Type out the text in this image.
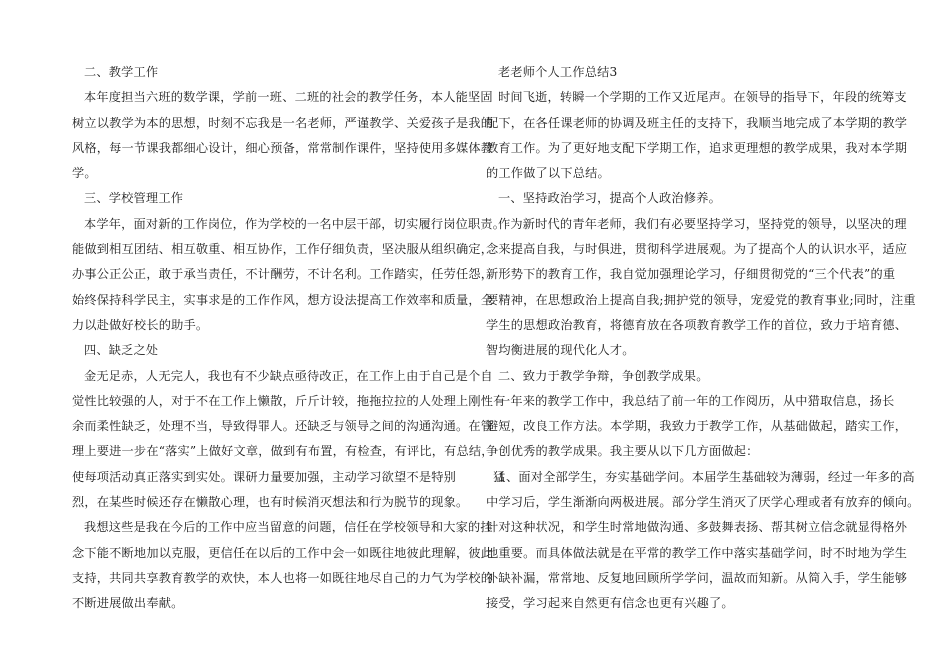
二、教学工作
本年度担当六班的数学课，学前一班、二班的社会的教学任务，本人能坚固
树立以教学为本的思想，时刻不忘我是一名老师，严谨教学、关爱孩子是我的
风格，每一节课我都细心设计，细心预备，常常制作课件，坚持使用多媒体教
学。
三、学校管理工作
本学年，面对新的工作岗位，作为学校的一名中层干部，切实履行岗位职责。
能做到相互团结、相互敬重、相互协作，工作仔细负责，坚决服从组织确定，
办事公正公正，敢于承当责任，不计酬劳，不计名利。工作踏实，任劳任怨，
始终保持科学民主，实事求是的工作作风，想方设法提高工作效率和质量，全
力以赴做好校长的助手。
四、缺乏之处
金无足赤，人无完人，我也有不少缺点亟待改正，在工作上由于自己是个自
觉性比较强的人，对于不在工作上懒散，斤斤计较，拖拖拉拉的人处理上刚性有
余而柔性缺乏，处理不当，导致得罪人。还缺乏与领导之间的沟通沟通。在管
理上要进一步在“落实”上做好文章，做到有布置，有检查，有评比，有总结，
使每项活动真正落实到实处。课研力量要加强，主动学习欲望不是特别　　　猛
烈，在某些时候还存在懒散心理，也有时候消灭想法和行为脱节的现象。
我想这些是我在今后的工作中应当留意的问题，信任在学校领导和大家的挂
念下能不断地加以克服，更信任在以后的工作中会一如既往地彼此理解，彼此
支持，共同共享教育教学的欢快，本人也将一如既往地尽自己的力气为学校的
不断进展做出奉献。
老老师个人工作总结3
时间飞逝，转瞬一个学期的工作又近尾声。在领导的指导下，年段的统筹支
配下，在各任课老师的协调及班主任的支持下，我顺当地完成了本学期的教学
教育工作。为了更好地支配下学期工作，追求更理想的教学成果，我对本学期
的工作做了以下总结。
一、坚持政治学习，提高个人政治修养。
作为新时代的青年老师，我们有必要坚持学习，坚持党的领导，以坚决的理
念来提高自我，与时俱进，贯彻科学进展观。为了提高个人的认识水平，适应
新形势下的教育工作，我自觉加强理论学习，仔细贯彻党的“三个代表”的重
要精神，在思想政治上提高自我;拥护党的领导，宠爱党的教育事业;同时，注重
学生的思想政治教育，将德育放在各项教育教学工作的首位，致力于培育德、
智均衡进展的现代化人才。
二、致力于教学争辩，争创教学成果。
一年来的教学工作中，我总结了前一年的工作阅历，从中猎取信息，扬长
避短，改良工作方法。本学期，我致力于教学工作，从基础做起，踏实工作，
争创优秀的教学成果。我主要从以下几方面做起：
1、面对全部学生，夯实基础学问。本届学生基础较为薄弱，经过一年多的高
中学习后，学生渐渐向两极进展。部分学生消灭了厌学心理或者有放弃的倾向。
针对这种状况，和学生时常地做沟通、多鼓舞表扬、帮其树立信念就显得格外
地重要。而具体做法就是在平常的教学工作中落实基础学问，时不时地为学生
补缺补漏，常常地、反复地回顾所学学问，温故而知新。从简入手，学生能够
接受，学习起来自然更有信念也更有兴趣了。
